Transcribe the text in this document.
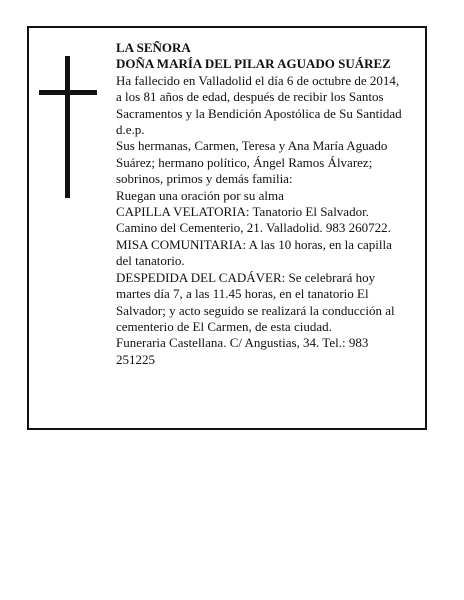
LA SEÑORA
DOÑA MARÍA DEL PILAR AGUADO SUÁREZ
Ha fallecido en Valladolid el día 6 de octubre de 2014,
a los 81 años de edad, después de recibir los Santos
Sacramentos y la Bendición Apostólica de Su Santidad
d.e.p.
Sus hermanas, Carmen, Teresa y Ana María Aguado
Suárez; hermano político, Ángel Ramos Álvarez;
sobrinos, primos y demás familia:
Ruegan una oración por su alma
CAPILLA VELATORIA: Tanatorio El Salvador.
Camino del Cementerio, 21. Valladolid. 983 260722.
MISA COMUNITARIA: A las 10 horas, en la capilla
del tanatorio.
DESPEDIDA DEL CADÁVER: Se celebrará hoy
martes día 7, a las 11.45 horas, en el tanatorio El
Salvador; y acto seguido se realizará la conducción al
cementerio de El Carmen, de esta ciudad.
Funeraria Castellana. C/ Angustias, 34. Tel.: 983
251225
